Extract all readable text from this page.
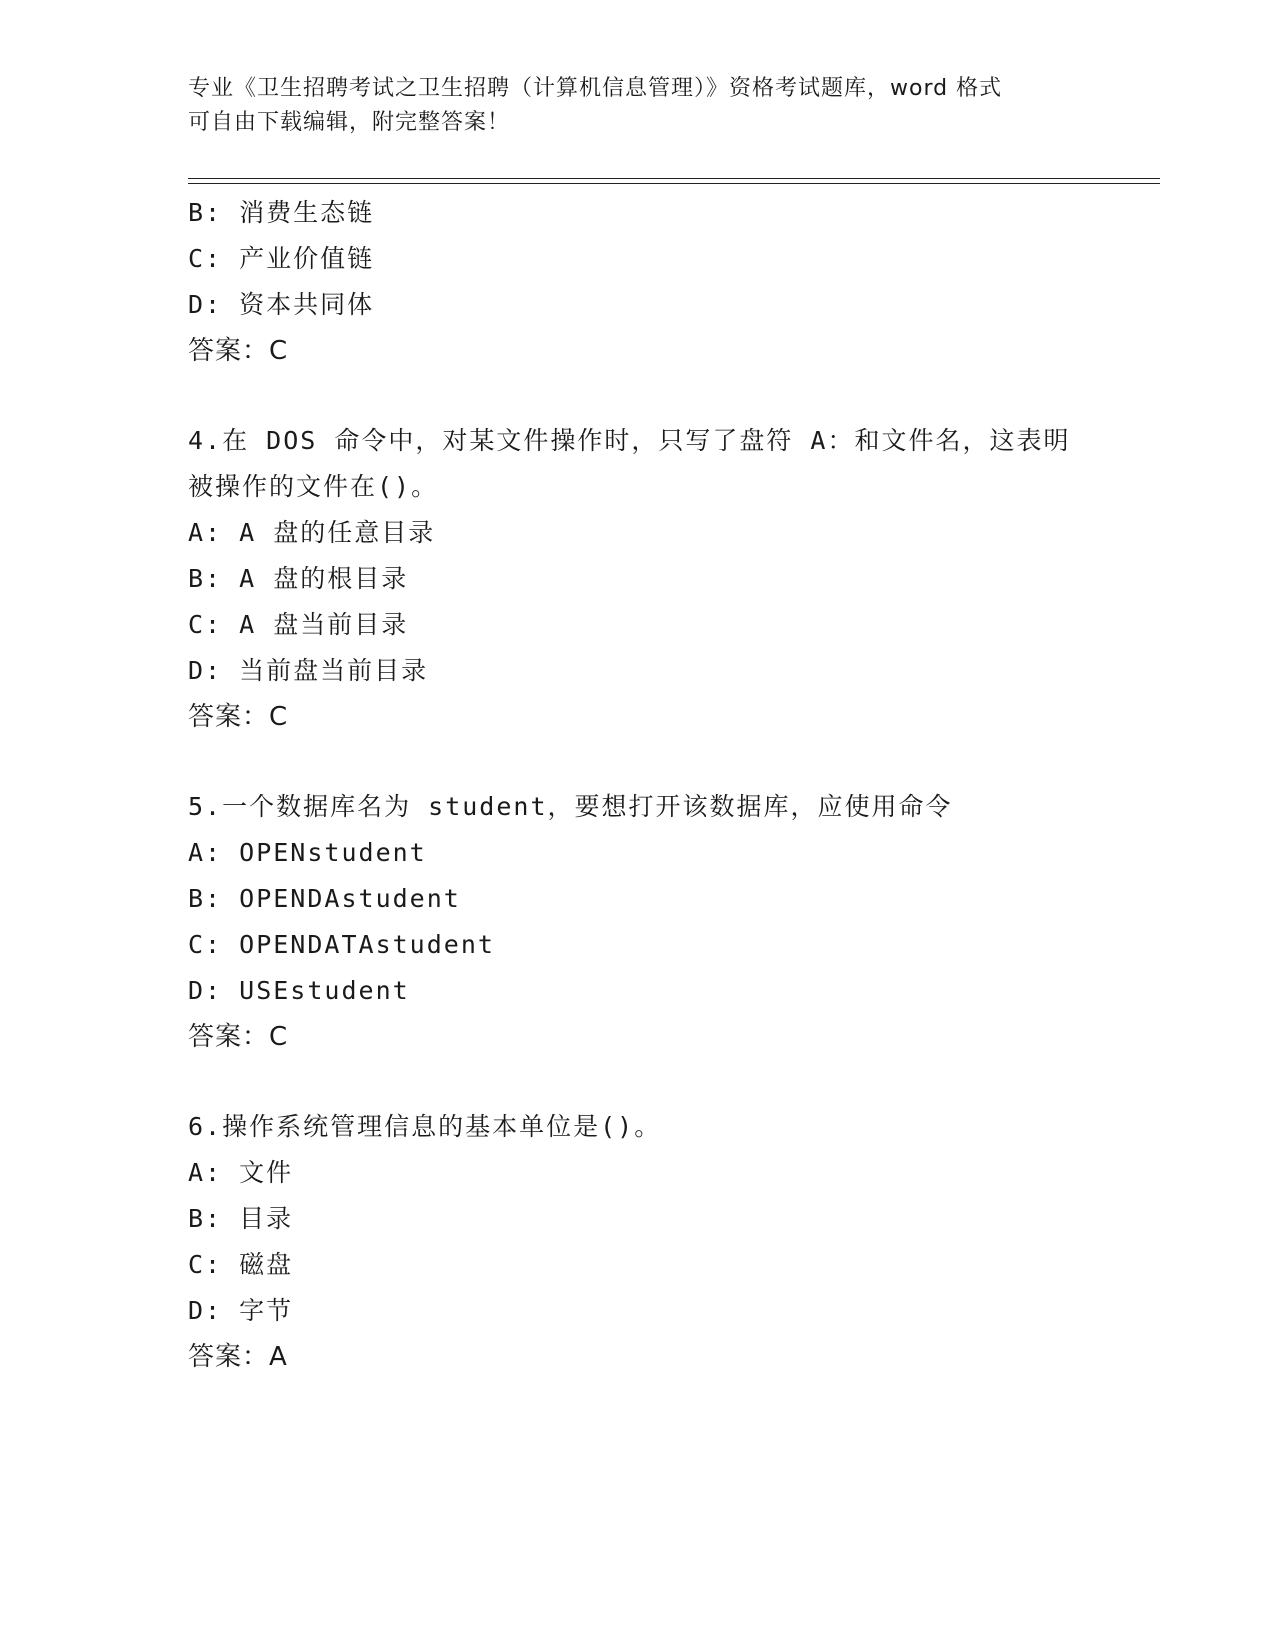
专业《卫生招聘考试之卫生招聘（计算机信息管理）》资格考试题库，word 格式
可自由下载编辑，附完整答案！
B: 消费生态链
C: 产业价值链
D: 资本共同体
答案：C
4.在 DOS 命令中，对某文件操作时，只写了盘符 A：和文件名，这表明
被操作的文件在()。
A: A 盘的任意目录
B: A 盘的根目录
C: A 盘当前目录
D: 当前盘当前目录
答案：C
5.一个数据库名为 student，要想打开该数据库，应使用命令
A: OPENstudent
B: OPENDAstudent
C: OPENDATAstudent
D: USEstudent
答案：C
6.操作系统管理信息的基本单位是()。
A: 文件
B: 目录
C: 磁盘
D: 字节
答案：A
